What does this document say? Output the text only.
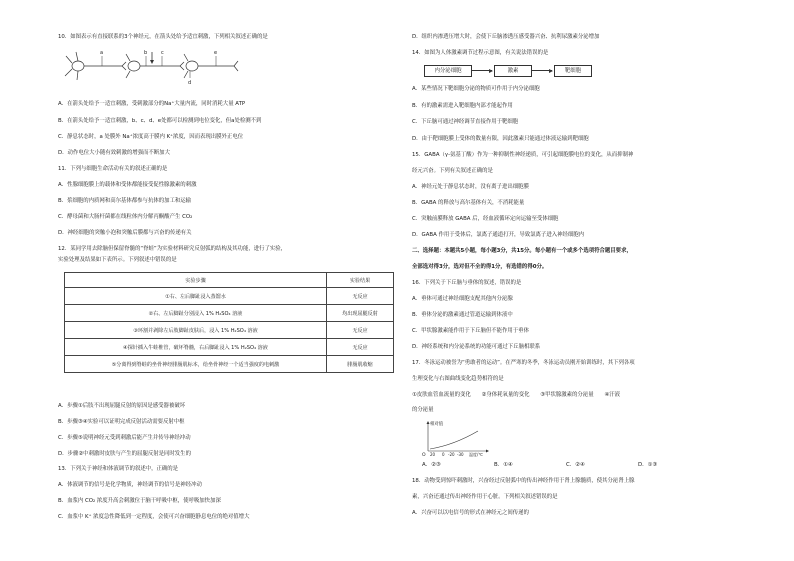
10．如图表示有直接联系的3个神经元，在箭头处给予适宜刺激，下列相关叙述正确的是
a	b	c
d
e
A．在箭头处给予一适宜刺激，受刺激部分的Na⁺大量内流，同时消耗大量 ATP
B．在箭头处给予一适宜刺激，b、c、d、e处都可以检测到电位变化，但a处检测不到
C．静息状态时，a 处膜外 Na⁺浓度高于膜内 K⁺浓度，因而表现出膜外正电位
D．动作电位大小随有效刺激的增强而不断加大
11．下列与细胞生命活动有关的叙述正确的是
A．性腺细胞膜上的载体和受体都能接受促性腺激素的刺激
B．浆细胞的内质网和高尔基体都参与抗体的加工和运输
C．酵母菌和大肠杆菌都在线粒体内分解丙酮酸产生 CO₂
D．神经细胞的突触小泡和突触后膜都与兴奋的传递有关
12．某同学用去除脑但保留脊髓的“脊蛙”为实验材料研究反射弧的结构及其功能，进行了实验，
实验处理及结果如下表所示。下列叙述中错误的是
实验步骤	实验结果
①右、左后脚趾浸入蒸馏水	无反应
②右、左后脚趾分别浸入 1% H₂SO₄ 溶液	均出现屈腿反射
③环割并剥除左后肢脚趾皮肤后，浸入 1% H₂SO₄ 溶液	无反应
④探针插入牛蛙椎管，破坏脊髓，右后脚趾浸入 1% H₂SO₄ 溶液	无反应
⑤分离得到脊蛙的坐骨神经腓肠肌标本，给坐骨神经一个适当强度的电刺激	腓肠肌收缩
A．步骤①后肢不出现屈腿反射的原因是感受器被破坏
B．步骤③④实验可以证明完成反射活动需要反射中枢
C．步骤⑤说明神经元受到刺激后能产生并传导神经冲动
D．步骤②中刺激时皮肤与产生的屈腿反射是同时发生的
13．下列关于神经和体液调节的叙述中，正确的是
A．体液调节的信号是化学物质，神经调节的信号是神经冲动
B．血浆内 CO₂ 浓度升高会刺激位于脑干呼吸中枢，使呼吸加快加深
C．血浆中 K⁺ 浓度急性降低到一定程度，会使可兴奋细胞静息电位的绝对值增大
D．组织内渗透压增大时，会使下丘脑渗透压感受器兴奋、抗利尿激素分泌增加
14．如图为人体激素调节过程示意图，有关说法错误的是
内分泌细胞	激素	靶细胞
A．某些情况下靶细胞分泌的物质可作用于内分泌细胞
B．有的激素需进入靶细胞内部才能起作用
C．下丘脑可通过神经调节直接作用于靶细胞
D．由于靶细胞膜上受体的数量有限，因此激素只能通过体液运输到靶细胞
15．GABA（γ-氨基丁酸）作为一种抑制性神经递质，可引起细胞膜电位的变化，从而抑制神
经元兴奋。下列有关叙述正确的是
A．神经元处于静息状态时，没有离子进出细胞膜
B．GABA 的释放与高尔基体有关，不消耗能量
C．突触前膜释放 GABA 后，经血液循环定向运输至受体细胞
D．GABA 作用于受体后，氯离子通道打开，导致氯离子进入神经细胞内
二、选择题：本题共5小题，每小题3分，共15分。每小题有一个或多个选项符合题目要求，
全部选对得3分，选对但不全的得1分，有选错的得0分。
16．下列关于下丘脑与垂体的叙述，错误的是
A．垂体可通过神经细胞支配其他内分泌腺
B．垂体分泌的激素通过管道运输到体液中
C．甲状腺激素能作用于下丘脑但不能作用于垂体
D．神经系统和内分泌系统的功能可通过下丘脑相联系
17．冬泳运动被誉为“勇敢者的运动”。在严寒的冬季，冬泳运动员刚开始训练时，其下列各项
生理变化与右图曲线变化趋势相符的是
①皮肤血管血流量的变化　　②身体耗氧量的变化　　③甲状腺激素的分泌量　　④汗液
的分泌量
相对值
O 20 0 -20 -30 温度/℃
A．②③	B．①④	C．②④	D．①③
18．动物受到惊吓刺激时，兴奋经过反射弧中的传出神经作用于肾上腺髓质，使其分泌肾上腺
素，兴奋还通过传出神经作用于心脏。下列相关叙述错误的是
A．兴奋可以以电信号的形式在神经元之间传递的
